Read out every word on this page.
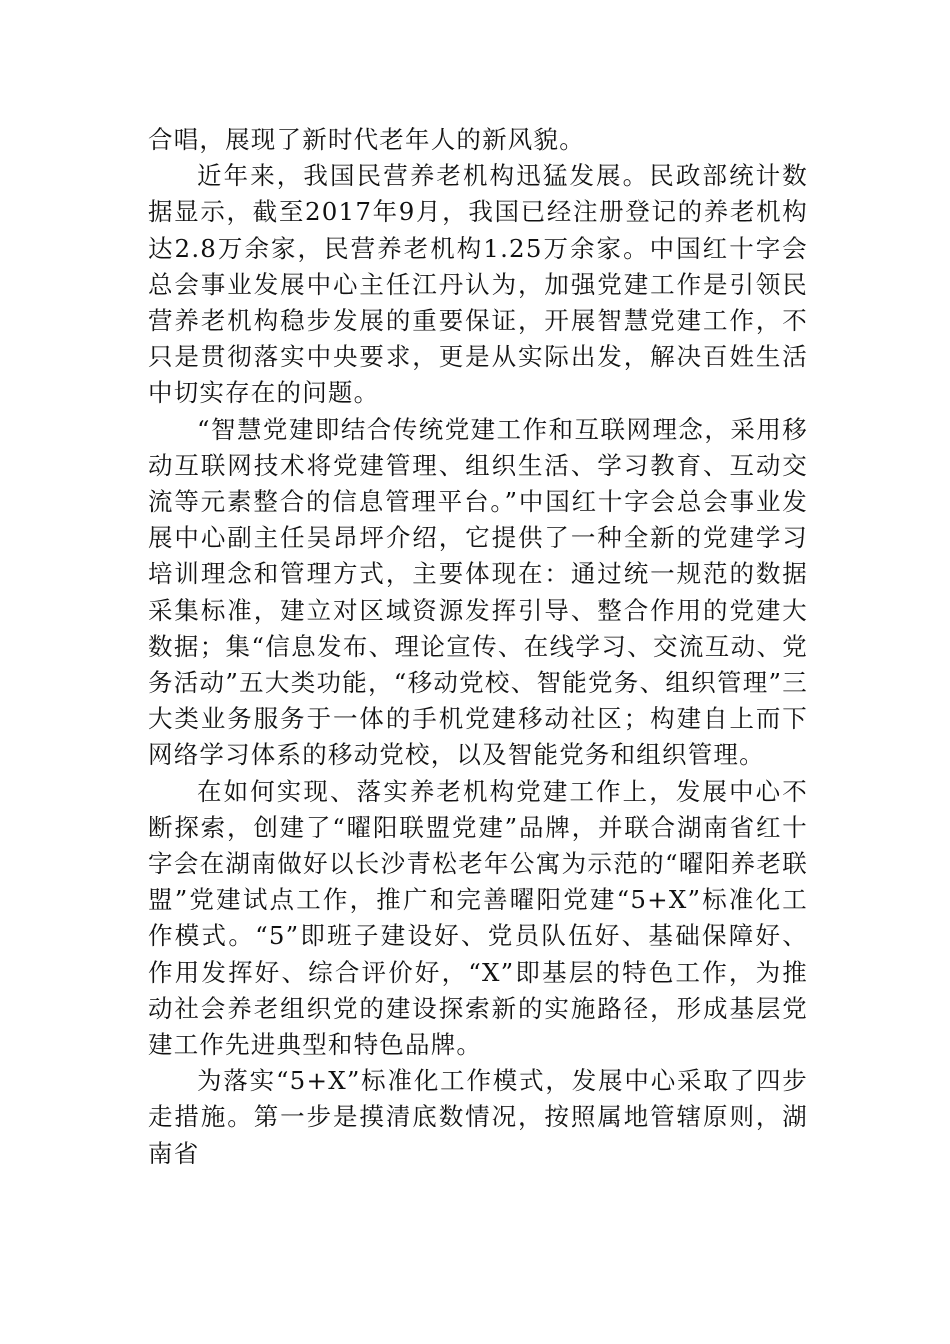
合唱，展现了新时代老年人的新风貌。

近年来，我国民营养老机构迅猛发展。民政部统计数据显示，截至2017年9月，我国已经注册登记的养老机构达2.8万余家，民营养老机构1.25万余家。中国红十字会总会事业发展中心主任江丹认为，加强党建工作是引领民营养老机构稳步发展的重要保证，开展智慧党建工作，不只是贯彻落实中央要求，更是从实际出发，解决百姓生活中切实存在的问题。

“智慧党建即结合传统党建工作和互联网理念，采用移动互联网技术将党建管理、组织生活、学习教育、互动交流等元素整合的信息管理平台。”中国红十字会总会事业发展中心副主任吴昂坪介绍，它提供了一种全新的党建学习培训理念和管理方式，主要体现在：通过统一规范的数据采集标准，建立对区域资源发挥引导、整合作用的党建大数据；集“信息发布、理论宣传、在线学习、交流互动、党务活动”五大类功能，“移动党校、智能党务、组织管理”三大类业务服务于一体的手机党建移动社区；构建自上而下网络学习体系的移动党校，以及智能党务和组织管理。

在如何实现、落实养老机构党建工作上，发展中心不断探索，创建了“曜阳联盟党建”品牌，并联合湖南省红十字会在湖南做好以长沙青松老年公寓为示范的“曜阳养老联盟”党建试点工作，推广和完善曜阳党建“5+X”标准化工作模式。“5”即班子建设好、党员队伍好、基础保障好、作用发挥好、综合评价好，“X”即基层的特色工作，为推动社会养老组织党的建设探索新的实施路径，形成基层党建工作先进典型和特色品牌。

为落实“5+X”标准化工作模式，发展中心采取了四步走措施。第一步是摸清底数情况，按照属地管辖原则，湖南省
